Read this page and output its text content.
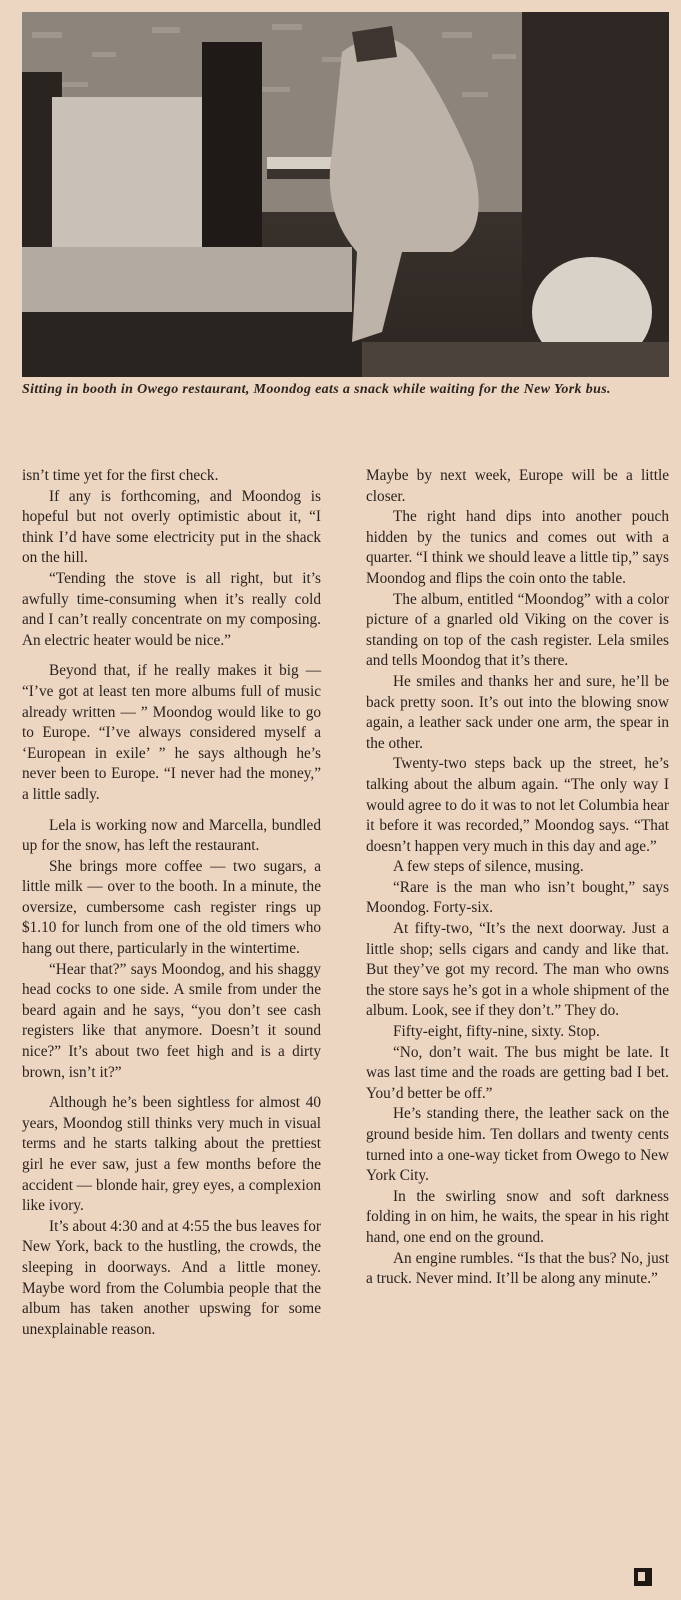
Sitting in booth in Owego restaurant, Moondog eats a snack while waiting for the New York bus.

isn’t time yet for the first check.

If any is forthcoming, and Moondog is hopeful but not overly optimistic about it, “I think I’d have some electricity put in the shack on the hill.

“Tending the stove is all right, but it’s awfully time-consuming when it’s really cold and I can’t really concentrate on my composing. An electric heater would be nice.”

Beyond that, if he really makes it big — “I’ve got at least ten more albums full of music already written — ” Moondog would like to go to Europe. “I’ve always considered myself a ‘European in exile’ ” he says although he’s never been to Europe. “I never had the money,” a little sadly.

Lela is working now and Marcella, bundled up for the snow, has left the restaurant.

She brings more coffee — two sugars, a little milk — over to the booth. In a minute, the oversize, cumbersome cash register rings up $1.10 for lunch from one of the old timers who hang out there, particularly in the wintertime.

“Hear that?” says Moondog, and his shaggy head cocks to one side. A smile from under the beard again and he says, “you don’t see cash registers like that anymore. Doesn’t it sound nice?” It’s about two feet high and is a dirty brown, isn’t it?”

Although he’s been sightless for almost 40 years, Moondog still thinks very much in visual terms and he starts talking about the prettiest girl he ever saw, just a few months before the accident — blonde hair, grey eyes, a complexion like ivory.

It’s about 4:30 and at 4:55 the bus leaves for New York, back to the hustling, the crowds, the sleeping in doorways. And a little money. Maybe word from the Columbia people that the album has taken another upswing for some unexplainable reason.

Maybe by next week, Europe will be a little closer.

The right hand dips into another pouch hidden by the tunics and comes out with a quarter. “I think we should leave a little tip,” says Moondog and flips the coin onto the table.

The album, entitled “Moondog” with a color picture of a gnarled old Viking on the cover is standing on top of the cash register. Lela smiles and tells Moondog that it’s there.

He smiles and thanks her and sure, he’ll be back pretty soon. It’s out into the blowing snow again, a leather sack under one arm, the spear in the other.

Twenty-two steps back up the street, he’s talking about the album again. “The only way I would agree to do it was to not let Columbia hear it before it was recorded,” Moondog says. “That doesn’t happen very much in this day and age.”

A few steps of silence, musing.

“Rare is the man who isn’t bought,” says Moondog. Forty-six.

At fifty-two, “It’s the next doorway. Just a little shop; sells cigars and candy and like that. But they’ve got my record. The man who owns the store says he’s got in a whole shipment of the album. Look, see if they don’t.” They do.

Fifty-eight, fifty-nine, sixty. Stop.

“No, don’t wait. The bus might be late. It was last time and the roads are getting bad I bet. You’d better be off.”

He’s standing there, the leather sack on the ground beside him. Ten dollars and twenty cents turned into a one-way ticket from Owego to New York City.

In the swirling snow and soft darkness folding in on him, he waits, the spear in his right hand, one end on the ground.

An engine rumbles. “Is that the bus? No, just a truck. Never mind. It’ll be along any minute.”
